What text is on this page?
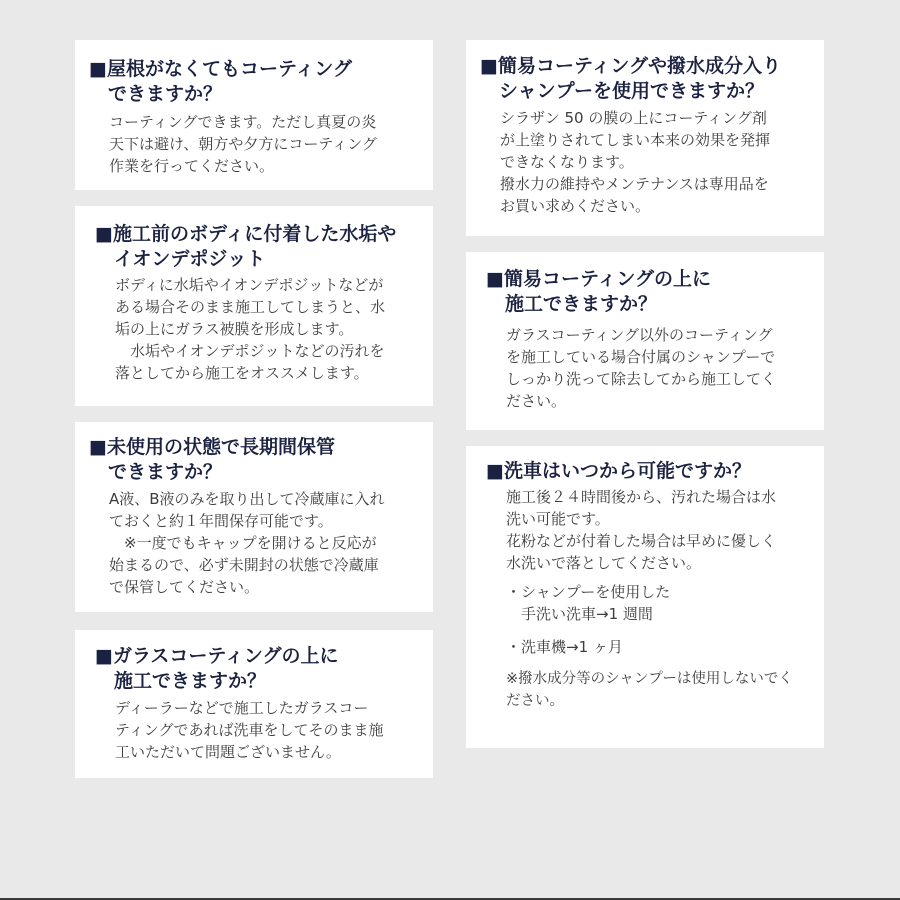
■屋根がなくてもコーティング
　できますか？

コーティングできます。ただし真夏の炎
天下は避け、朝方や夕方にコーティング
作業を行ってください。

■施工前のボディに付着した水垢や
　イオンデポジット

ボディに水垢やイオンデポジットなどが
ある場合そのまま施工してしまうと、水
垢の上にガラス被膜を形成します。
　水垢やイオンデポジットなどの汚れを
落としてから施工をオススメします。

■未使用の状態で長期間保管
　できますか？

A液、B液のみを取り出して冷蔵庫に入れ
ておくと約１年間保存可能です。
　※一度でもキャップを開けると反応が
始まるので、必ず未開封の状態で冷蔵庫
で保管してください。

■ガラスコーティングの上に
　施工できますか？

ディーラーなどで施工したガラスコー
ティングであれば洗車をしてそのまま施
工いただいて問題ございません。

■簡易コーティングや撥水成分入り
　シャンプーを使用できますか？

シラザン 50 の膜の上にコーティング剤
が上塗りされてしまい本来の効果を発揮
できなくなります。
撥水力の維持やメンテナンスは専用品を
お買い求めください。

■簡易コーティングの上に
　施工できますか？

ガラスコーティング以外のコーティング
を施工している場合付属のシャンプーで
しっかり洗って除去してから施工してく
ださい。

■洗車はいつから可能ですか？

施工後２４時間後から、汚れた場合は水
洗い可能です。
花粉などが付着した場合は早めに優しく
水洗いで落としてください。

・シャンプーを使用した
　手洗い洗車→1 週間

・洗車機→1 ヶ月

※撥水成分等のシャンプーは使用しないでく
ださい。
